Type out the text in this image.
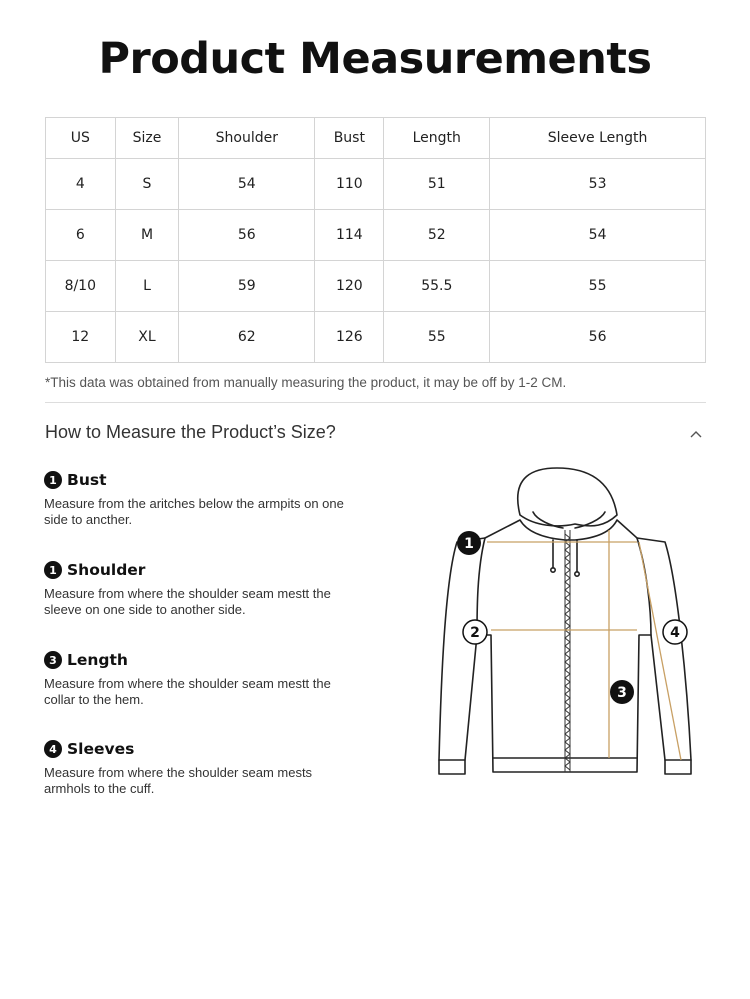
Product Measurements
US	Size	Shoulder	Bust	Length	Sleeve Length
4	S	54	110	51	53
6	M	56	114	52	54
8/10	L	59	120	55.5	55
12	XL	62	126	55	56
*This data was obtained from manually measuring the product, it may be off by 1-2 CM.
How to Measure the Product’s Size?
1 Bust
Measure from the aritches below the armpits on one side to ancther.
1 Shoulder
Measure from where the shoulder seam mestt the sleeve on one side to another side.
3 Length
Measure from where the shoulder seam mestt the collar to the hem.
4 Sleeves
Measure from where the shoulder seam mests armhols to the cuff.
1
2
3
4
